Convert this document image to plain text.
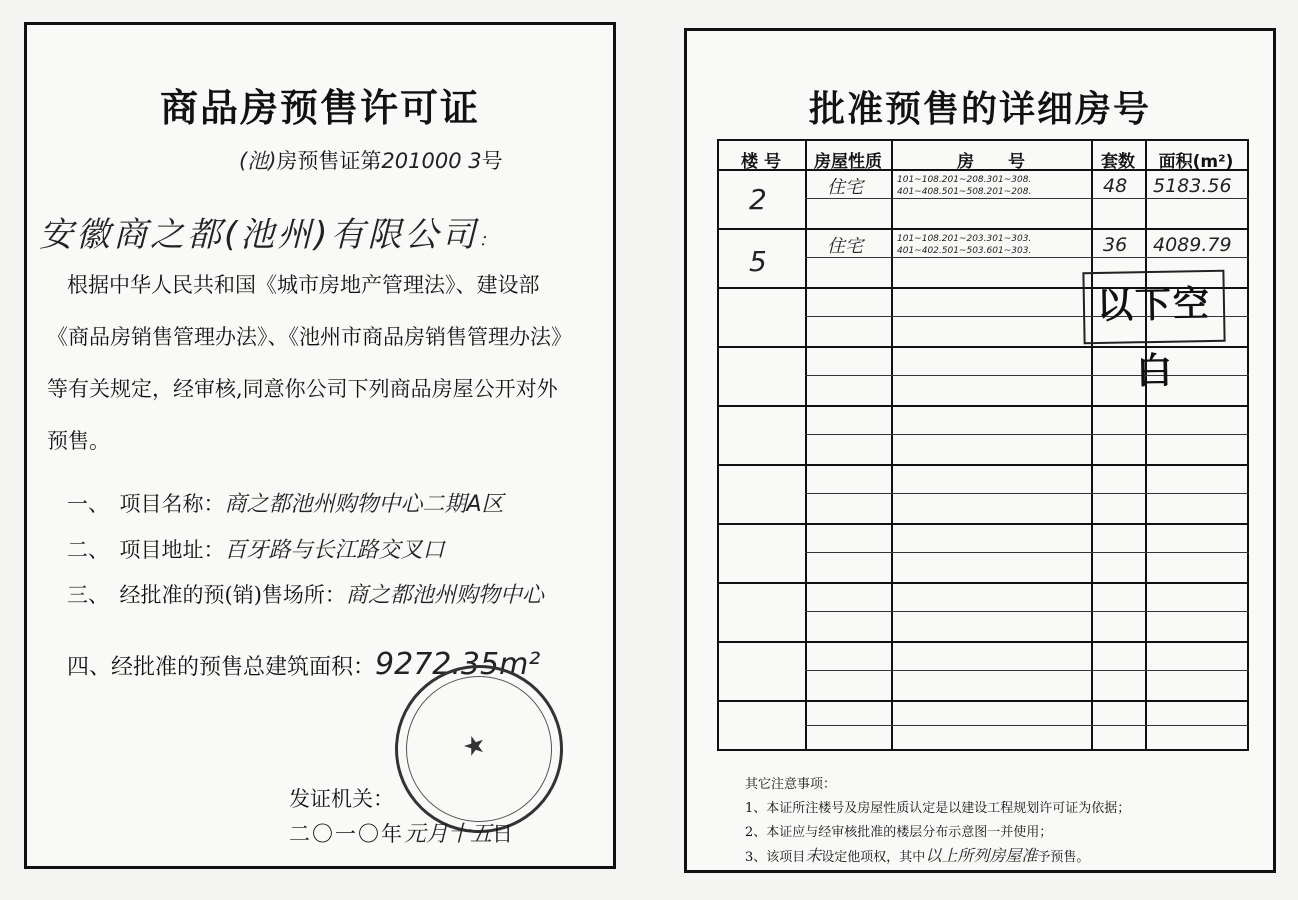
商品房预售许可证
(池)房预售证第201000 3号
安徽商之都(池州)有限公司：
根据中华人民共和国《城市房地产管理法》、建设部
《商品房销售管理办法》、《池州市商品房销售管理办法》
等有关规定，经审核,同意你公司下列商品房屋公开对外
预售。
一、　项目名称：商之都池州购物中心二期A区
二、　项目地址：百牙路与长江路交叉口
三、　经批准的预(销)售场所：商之都池州购物中心
四、经批准的预售总建筑面积：9272.35m²
★
发证机关：
二〇一〇年元月十五日
批准预售的详细房号
楼 号	房屋性质	房　　号	套数	面积(m²)
2	住宅	101~108.201~208.301~308.
401~408.501~508.201~208.	48 5183.56
5	住宅	101~108.201~203.301~303.
401~402.501~503.601~303.	36 4089.79
以下空白
其它注意事项：
1、本证所注楼号及房屋性质认定是以建设工程规划许可证为依据；
2、本证应与经审核批准的楼层分布示意图一并使用；
3、该项目未设定他项权，其中以上所列房屋准予预售。
